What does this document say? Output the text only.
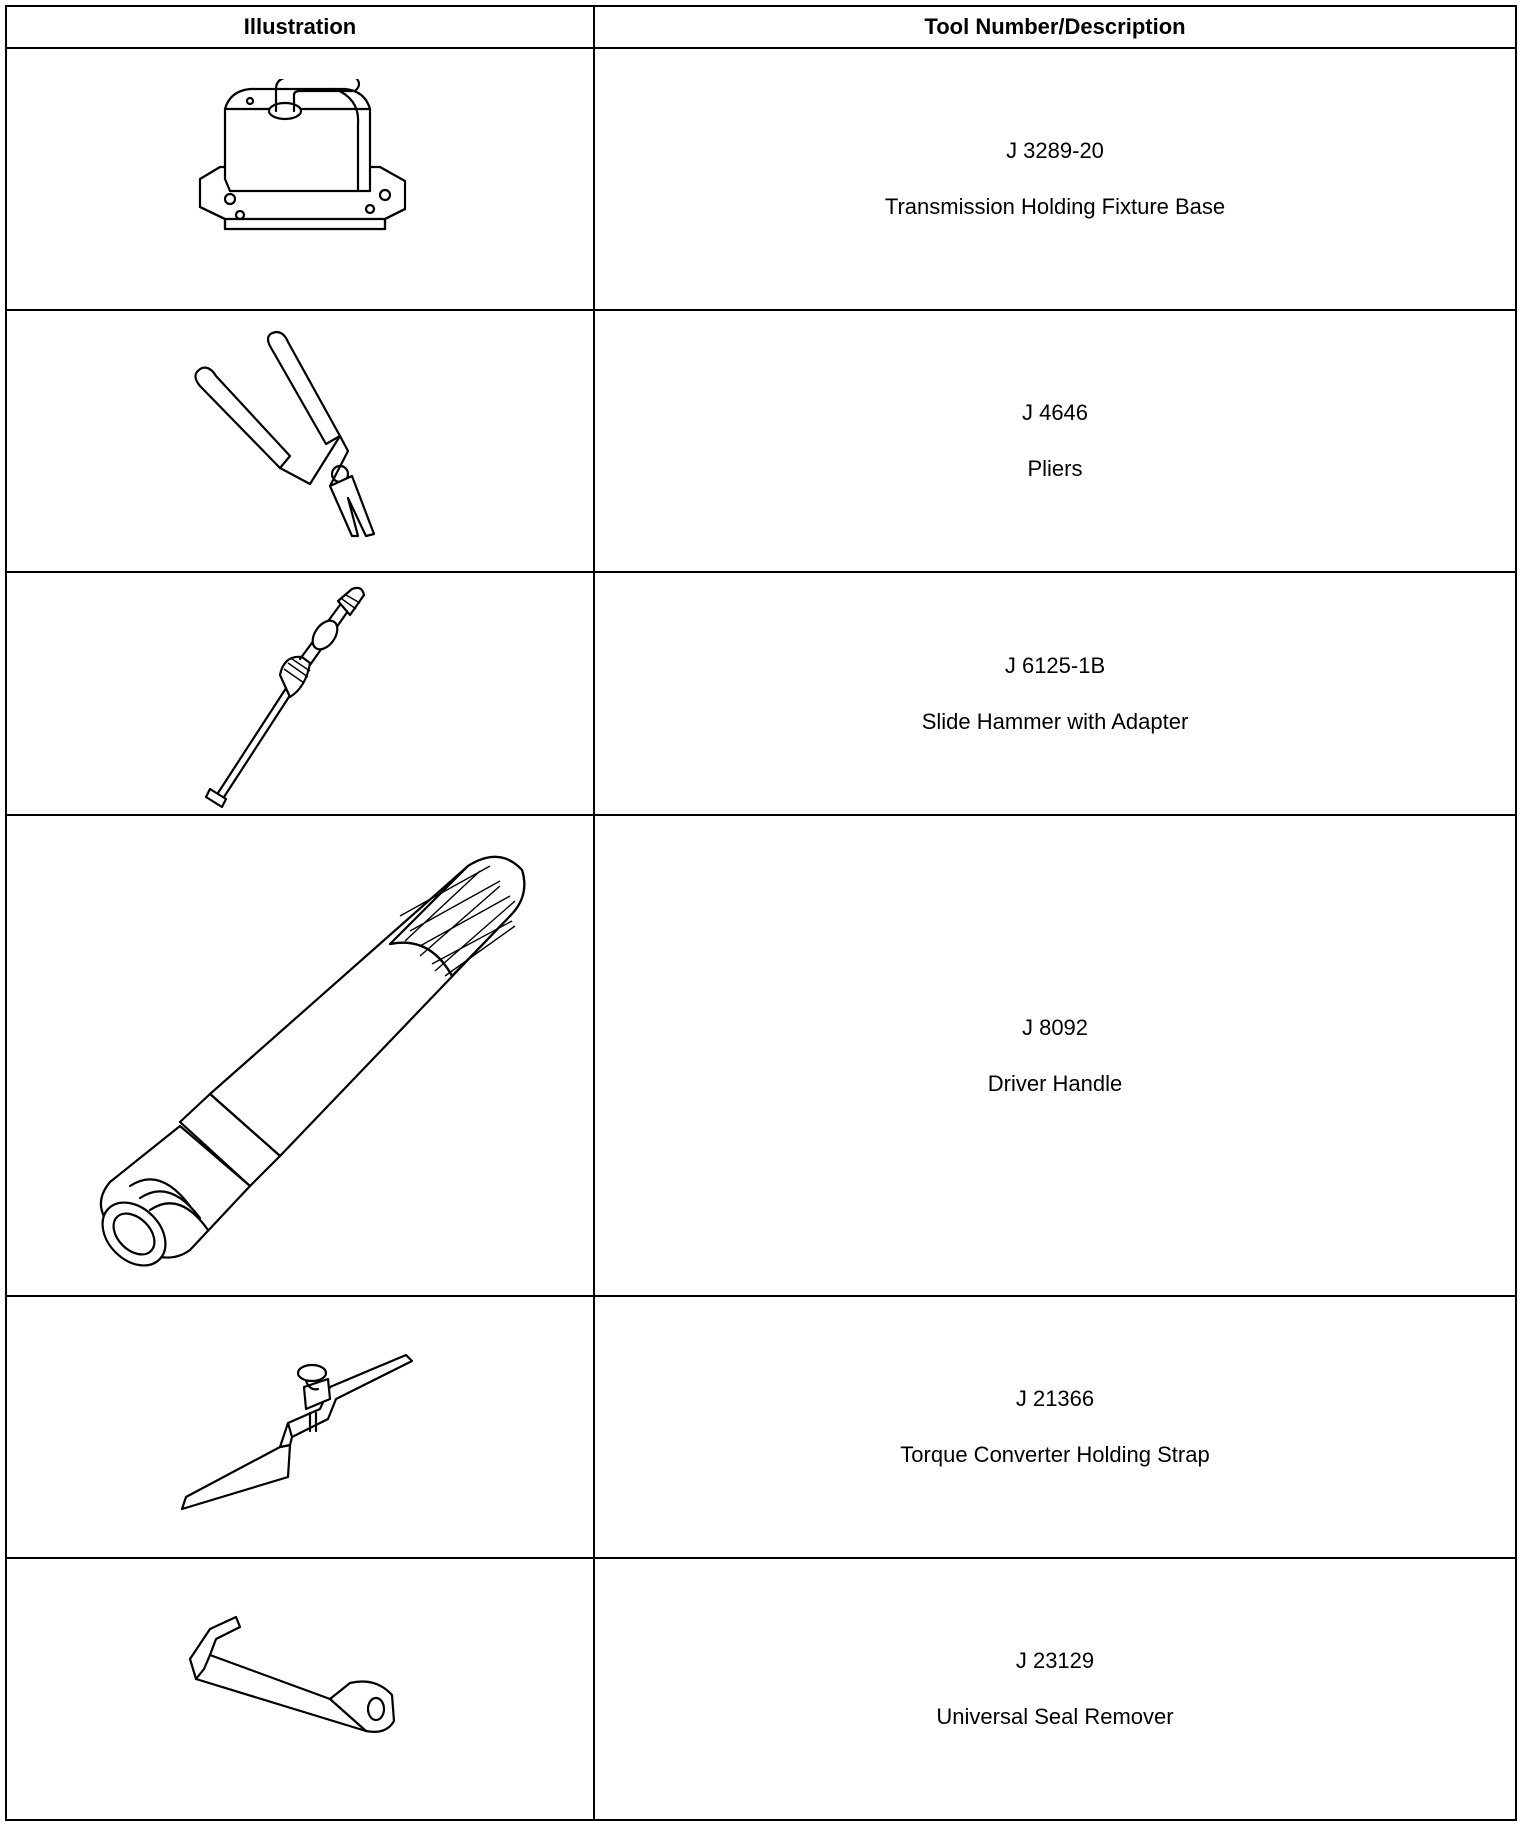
Illustration	Tool Number/Description

J 3289-20
Transmission Holding Fixture Base

J 4646
Pliers

J 6125-1B
Slide Hammer with Adapter

J 8092
Driver Handle

J 21366
Torque Converter Holding Strap

J 23129
Universal Seal Remover
